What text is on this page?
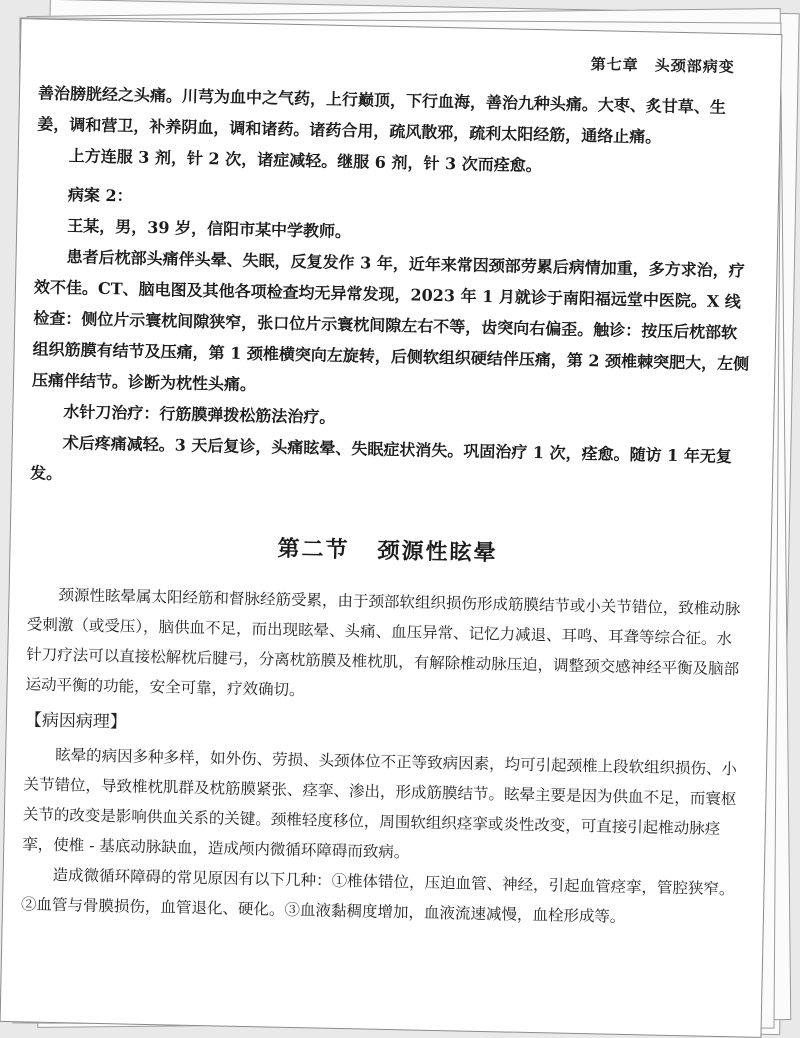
第七章　头颈部病变

善治膀胱经之头痛。川芎为血中之气药，上行巅顶，下行血海，善治九种头痛。大枣、炙甘草、生姜，调和营卫，补养阴血，调和诸药。诸药合用，疏风散邪，疏利太阳经筋，通络止痛。

上方连服 3 剂，针 2 次，诸症减轻。继服 6 剂，针 3 次而痊愈。

病案 2：

王某，男，39 岁，信阳市某中学教师。

患者后枕部头痛伴头晕、失眠，反复发作 3 年，近年来常因颈部劳累后病情加重，多方求治，疗效不佳。CT、脑电图及其他各项检查均无异常发现，2023 年 1 月就诊于南阳福远堂中医院。X 线检查：侧位片示寰枕间隙狭窄，张口位片示寰枕间隙左右不等，齿突向右偏歪。触诊：按压后枕部软组织筋膜有结节及压痛，第 1 颈椎横突向左旋转，后侧软组织硬结伴压痛，第 2 颈椎棘突肥大，左侧压痛伴结节。诊断为枕性头痛。

水针刀治疗：行筋膜弹拨松筋法治疗。

术后疼痛减轻。3 天后复诊，头痛眩晕、失眠症状消失。巩固治疗 1 次，痊愈。随访 1 年无复发。

第二节 颈源性眩晕

颈源性眩晕属太阳经筋和督脉经筋受累，由于颈部软组织损伤形成筋膜结节或小关节错位，致椎动脉受刺激（或受压），脑供血不足，而出现眩晕、头痛、血压异常、记忆力减退、耳鸣、耳聋等综合征。水针刀疗法可以直接松解枕后腱弓，分离枕筋膜及椎枕肌，有解除椎动脉压迫，调整颈交感神经平衡及脑部运动平衡的功能，安全可靠，疗效确切。

【病因病理】

眩晕的病因多种多样，如外伤、劳损、头颈体位不正等致病因素，均可引起颈椎上段软组织损伤、小关节错位，导致椎枕肌群及枕筋膜紧张、痉挛、渗出，形成筋膜结节。眩晕主要是因为供血不足，而寰枢关节的改变是影响供血关系的关键。颈椎轻度移位，周围软组织痉挛或炎性改变，可直接引起椎动脉痉挛，使椎 - 基底动脉缺血，造成颅内微循环障碍而致病。

造成微循环障碍的常见原因有以下几种：①椎体错位，压迫血管、神经，引起血管痉挛，管腔狭窄。②血管与骨膜损伤，血管退化、硬化。③血液黏稠度增加，血液流速减慢，血栓形成等。
